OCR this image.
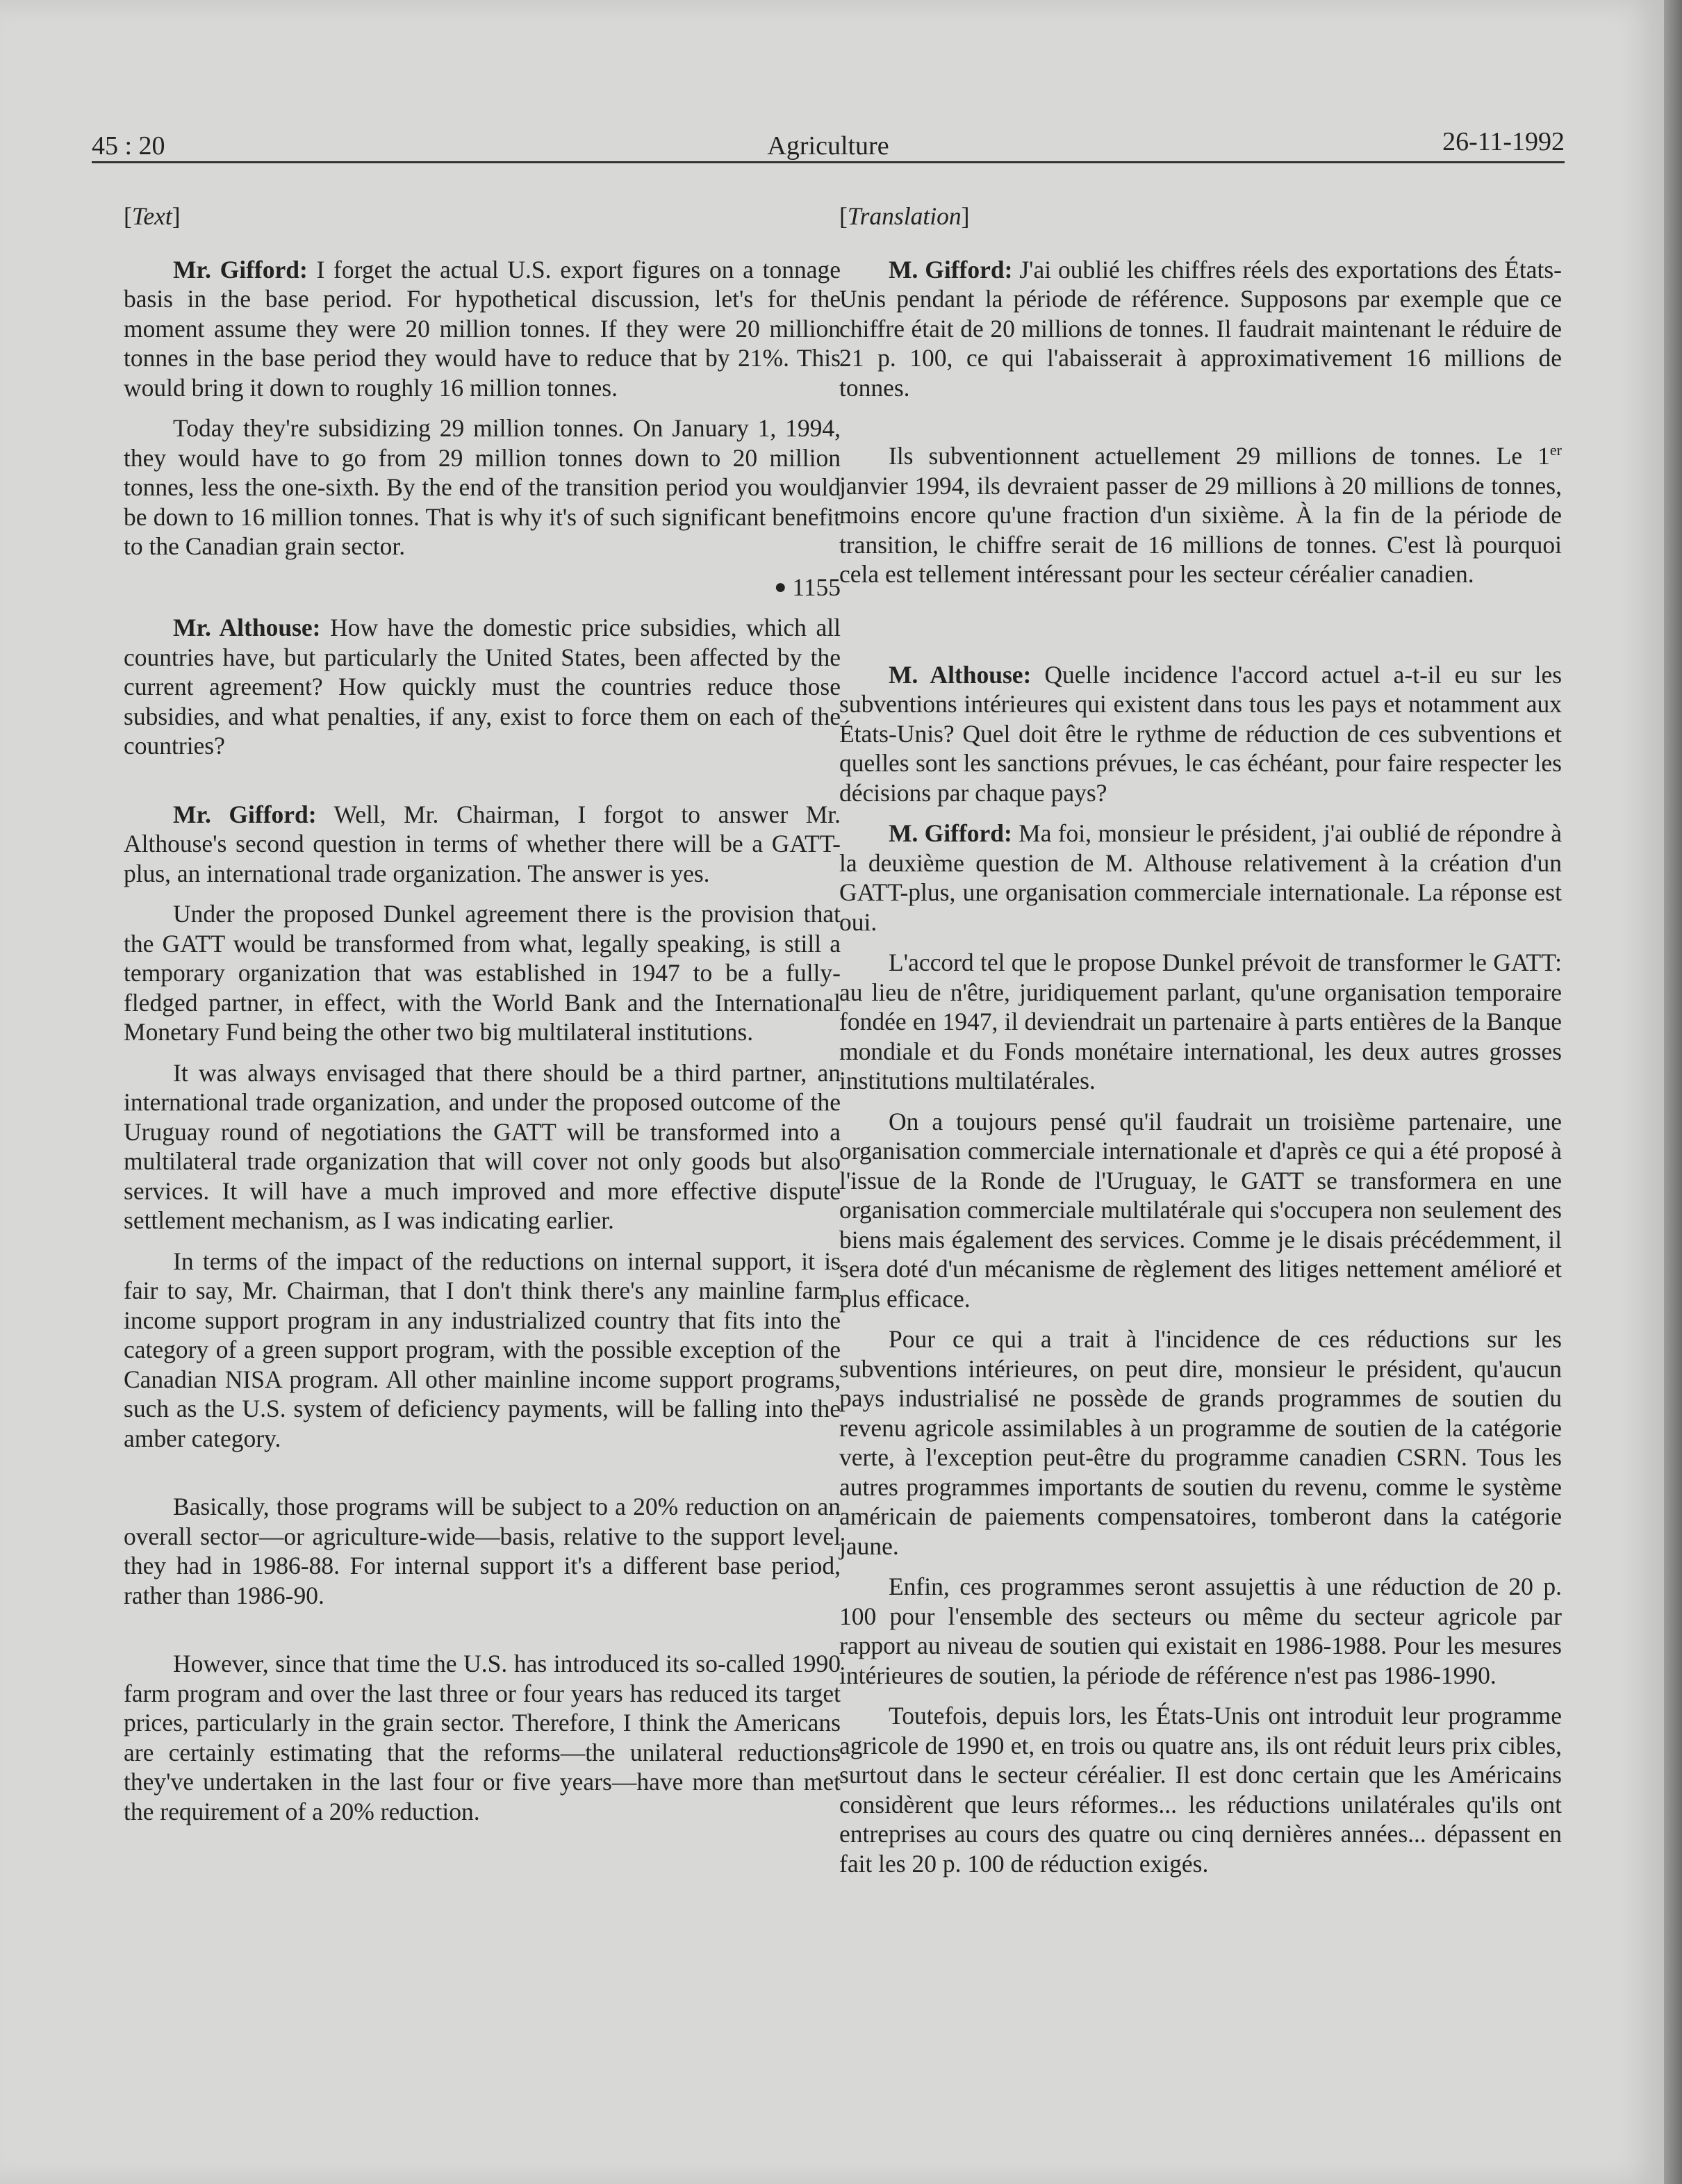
45 : 20	Agriculture	26-11-1992

[Text]

Mr. Gifford: I forget the actual U.S. export figures on a tonnage basis in the base period. For hypothetical discussion, let's for the moment assume they were 20 million tonnes. If they were 20 million tonnes in the base period they would have to reduce that by 21%. This would bring it down to roughly 16 million tonnes.

Today they're subsidizing 29 million tonnes. On January 1, 1994, they would have to go from 29 million tonnes down to 20 million tonnes, less the one-sixth. By the end of the transition period you would be down to 16 million tonnes. That is why it's of such significant benefit to the Canadian grain sector.

● 1155

Mr. Althouse: How have the domestic price subsidies, which all countries have, but particularly the United States, been affected by the current agreement? How quickly must the countries reduce those subsidies, and what penalties, if any, exist to force them on each of the countries?

Mr. Gifford: Well, Mr. Chairman, I forgot to answer Mr. Althouse's second question in terms of whether there will be a GATT-plus, an international trade organization. The answer is yes.

Under the proposed Dunkel agreement there is the provision that the GATT would be transformed from what, legally speaking, is still a temporary organization that was established in 1947 to be a fully-fledged partner, in effect, with the World Bank and the International Monetary Fund being the other two big multilateral institutions.

It was always envisaged that there should be a third partner, an international trade organization, and under the proposed outcome of the Uruguay round of negotiations the GATT will be transformed into a multilateral trade organization that will cover not only goods but also services. It will have a much improved and more effective dispute settlement mechanism, as I was indicating earlier.

In terms of the impact of the reductions on internal support, it is fair to say, Mr. Chairman, that I don't think there's any mainline farm income support program in any industrialized country that fits into the category of a green support program, with the possible exception of the Canadian NISA program. All other mainline income support programs, such as the U.S. system of deficiency payments, will be falling into the amber category.

Basically, those programs will be subject to a 20% reduction on an overall sector—or agriculture-wide—basis, relative to the support level they had in 1986-88. For internal support it's a different base period, rather than 1986-90.

However, since that time the U.S. has introduced its so-called 1990 farm program and over the last three or four years has reduced its target prices, particularly in the grain sector. Therefore, I think the Americans are certainly estimating that the reforms—the unilateral reductions they've undertaken in the last four or five years—have more than met the requirement of a 20% reduction.

[Translation]

M. Gifford: J'ai oublié les chiffres réels des exportations des États-Unis pendant la période de référence. Supposons par exemple que ce chiffre était de 20 millions de tonnes. Il faudrait maintenant le réduire de 21 p. 100, ce qui l'abaisserait à approximativement 16 millions de tonnes.

Ils subventionnent actuellement 29 millions de tonnes. Le 1er janvier 1994, ils devraient passer de 29 millions à 20 millions de tonnes, moins encore qu'une fraction d'un sixième. À la fin de la période de transition, le chiffre serait de 16 millions de tonnes. C'est là pourquoi cela est tellement intéressant pour les secteur céréalier canadien.

M. Althouse: Quelle incidence l'accord actuel a-t-il eu sur les subventions intérieures qui existent dans tous les pays et notamment aux États-Unis? Quel doit être le rythme de réduction de ces subventions et quelles sont les sanctions prévues, le cas échéant, pour faire respecter les décisions par chaque pays?

M. Gifford: Ma foi, monsieur le président, j'ai oublié de répondre à la deuxième question de M. Althouse relativement à la création d'un GATT-plus, une organisation commerciale internationale. La réponse est oui.

L'accord tel que le propose Dunkel prévoit de transformer le GATT: au lieu de n'être, juridiquement parlant, qu'une organisation temporaire fondée en 1947, il deviendrait un partenaire à parts entières de la Banque mondiale et du Fonds monétaire international, les deux autres grosses institutions multilatérales.

On a toujours pensé qu'il faudrait un troisième partenaire, une organisation commerciale internationale et d'après ce qui a été proposé à l'issue de la Ronde de l'Uruguay, le GATT se transformera en une organisation commerciale multilatérale qui s'occupera non seulement des biens mais également des services. Comme je le disais précédemment, il sera doté d'un mécanisme de règlement des litiges nettement amélioré et plus efficace.

Pour ce qui a trait à l'incidence de ces réductions sur les subventions intérieures, on peut dire, monsieur le président, qu'aucun pays industrialisé ne possède de grands programmes de soutien du revenu agricole assimilables à un programme de soutien de la catégorie verte, à l'exception peut-être du programme canadien CSRN. Tous les autres programmes importants de soutien du revenu, comme le système américain de paiements compensatoires, tomberont dans la catégorie jaune.

Enfin, ces programmes seront assujettis à une réduction de 20 p. 100 pour l'ensemble des secteurs ou même du secteur agricole par rapport au niveau de soutien qui existait en 1986-1988. Pour les mesures intérieures de soutien, la période de référence n'est pas 1986-1990.

Toutefois, depuis lors, les États-Unis ont introduit leur programme agricole de 1990 et, en trois ou quatre ans, ils ont réduit leurs prix cibles, surtout dans le secteur céréalier. Il est donc certain que les Américains considèrent que leurs réformes... les réductions unilatérales qu'ils ont entreprises au cours des quatre ou cinq dernières années... dépassent en fait les 20 p. 100 de réduction exigés.
